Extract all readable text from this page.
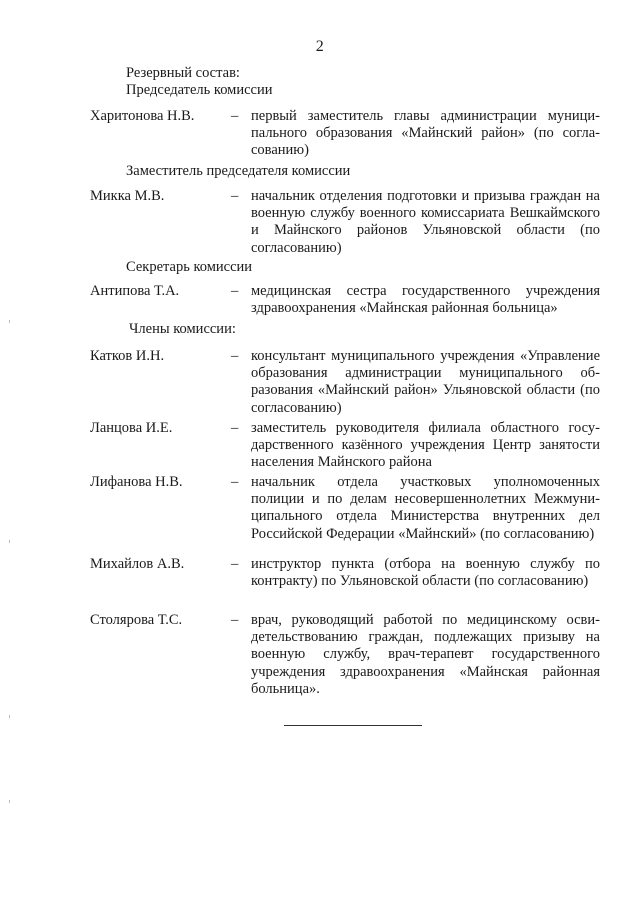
2
Резервный состав:
Председатель комиссии
Харитонова Н.В.	– первый заместитель главы администрации муниципального образования «Майнский район» (по согласованию)
Заместитель председателя комиссии
Микка М.В.	– начальник отделения подготовки и призыва граждан на военную службу военного комиссариата Вешкаймского и Майнского районов Ульяновской области (по согласованию)
Секретарь комиссии
Антипова Т.А.	– медицинская сестра государственного учреждения здравоохранения «Майнская районная больница»
Члены комиссии:
Катков И.Н.	– консультант муниципального учреждения «Управление образования администрации муниципального образования «Майнский район» Ульяновской области (по согласованию)
Ланцова И.Е.	– заместитель руководителя филиала областного государственного казённого учреждения Центр занятости населения Майнского района
Лифанова Н.В.	– начальник отдела участковых уполномоченных полиции и по делам несовершеннолетних Межмуниципального отдела Министерства внутренних дел Российской Федерации «Майнский» (по согласованию)
Михайлов А.В.	– инструктор пункта (отбора на военную службу по контракту) по Ульяновской области (по согласованию)
Столярова Т.С.	– врач, руководящий работой по медицинскому освидетельствованию граждан, подлежащих призыву на военную службу, врач-терапевт государственного учреждения здравоохранения «Майнская районная больница».
